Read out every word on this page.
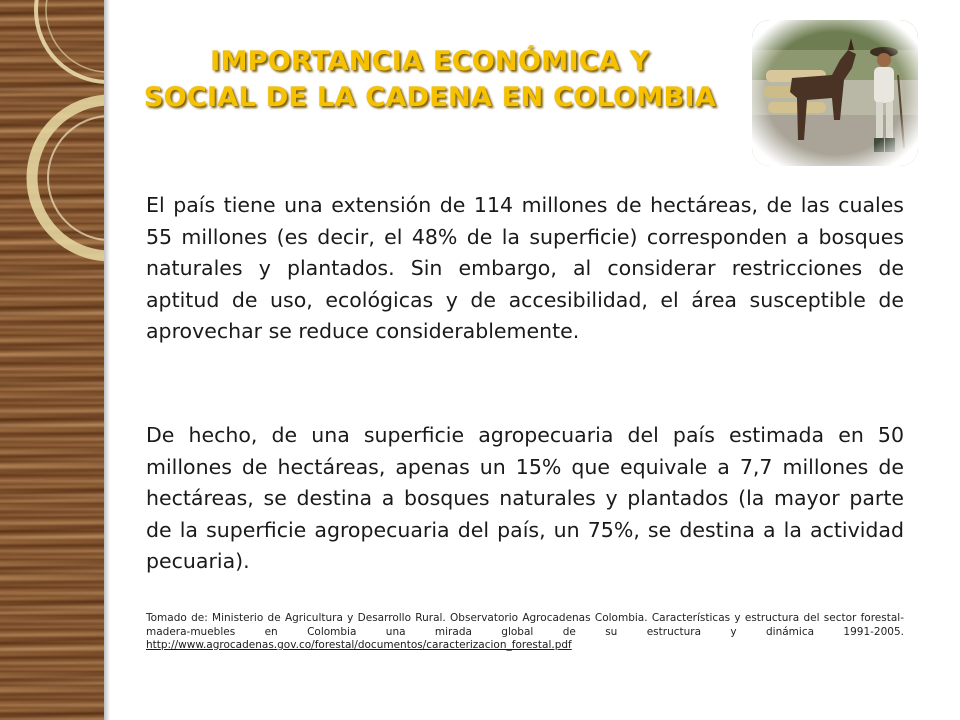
IMPORTANCIA ECONÓMICA Y
SOCIAL DE LA CADENA EN COLOMBIA

El país tiene una extensión de 114 millones de hectáreas, de las cuales 55 millones (es decir, el 48% de la superficie) corresponden a bosques naturales y plantados. Sin embargo, al considerar restricciones de aptitud de uso, ecológicas y de accesibilidad, el área susceptible de aprovechar se reduce considerablemente.

De hecho, de una superficie agropecuaria del país estimada en 50 millones de hectáreas, apenas un 15% que equivale a 7,7 millones de hectáreas, se destina a bosques naturales y plantados (la mayor parte de la superficie agropecuaria del país, un 75%, se destina a la actividad pecuaria).

Tomado de: Ministerio de Agricultura y Desarrollo Rural. Observatorio Agrocadenas Colombia. Características y estructura del sector forestal-madera-muebles en Colombia una mirada global de su estructura y dinámica 1991-2005. http://www.agrocadenas.gov.co/forestal/documentos/caracterizacion_forestal.pdf
